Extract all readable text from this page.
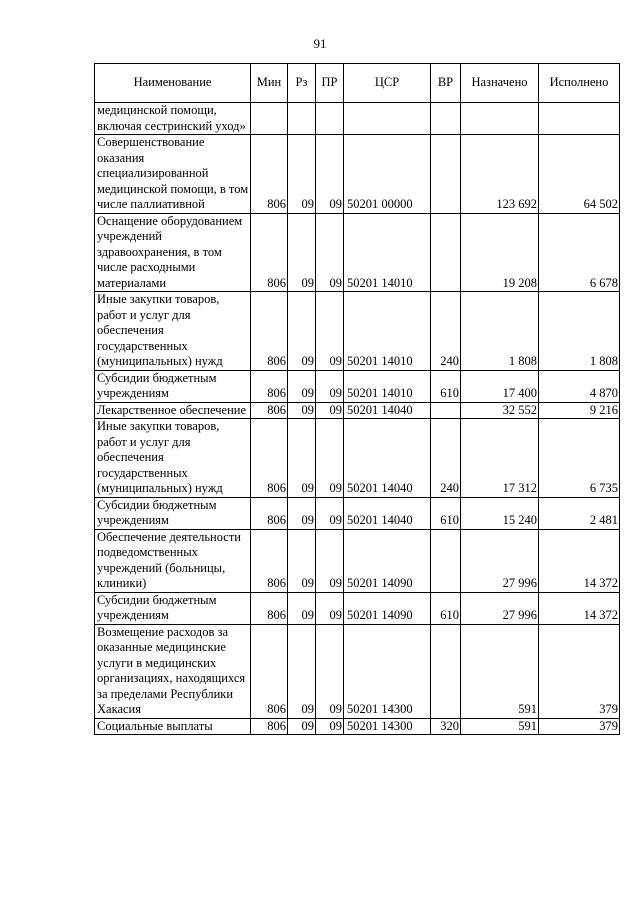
91
Наименование	Мин	Рз	ПР	ЦСР	ВР	Назначено	Исполнено
медицинской помощи, включая сестринский уход»							
Совершенствование оказания специализированной медицинской помощи, в том числе паллиативной	806	09	09	50201 00000		123 692	64 502
Оснащение оборудованием учреждений здравоохранения, в том числе расходными материалами	806	09	09	50201 14010		19 208	6 678
Иные закупки товаров, работ и услуг для обеспечения государственных (муниципальных) нужд	806	09	09	50201 14010	240	1 808	1 808
Субсидии бюджетным учреждениям	806	09	09	50201 14010	610	17 400	4 870
Лекарственное обеспечение	806	09	09	50201 14040		32 552	9 216
Иные закупки товаров, работ и услуг для обеспечения государственных (муниципальных) нужд	806	09	09	50201 14040	240	17 312	6 735
Субсидии бюджетным учреждениям	806	09	09	50201 14040	610	15 240	2 481
Обеспечение деятельности подведомственных учреждений (больницы, клиники)	806	09	09	50201 14090		27 996	14 372
Субсидии бюджетным учреждениям	806	09	09	50201 14090	610	27 996	14 372
Возмещение расходов за оказанные медицинские услуги в медицинских организациях, находящихся за пределами Республики Хакасия	806	09	09	50201 14300		591	379
Социальные выплаты	806	09	09	50201 14300	320	591	379
